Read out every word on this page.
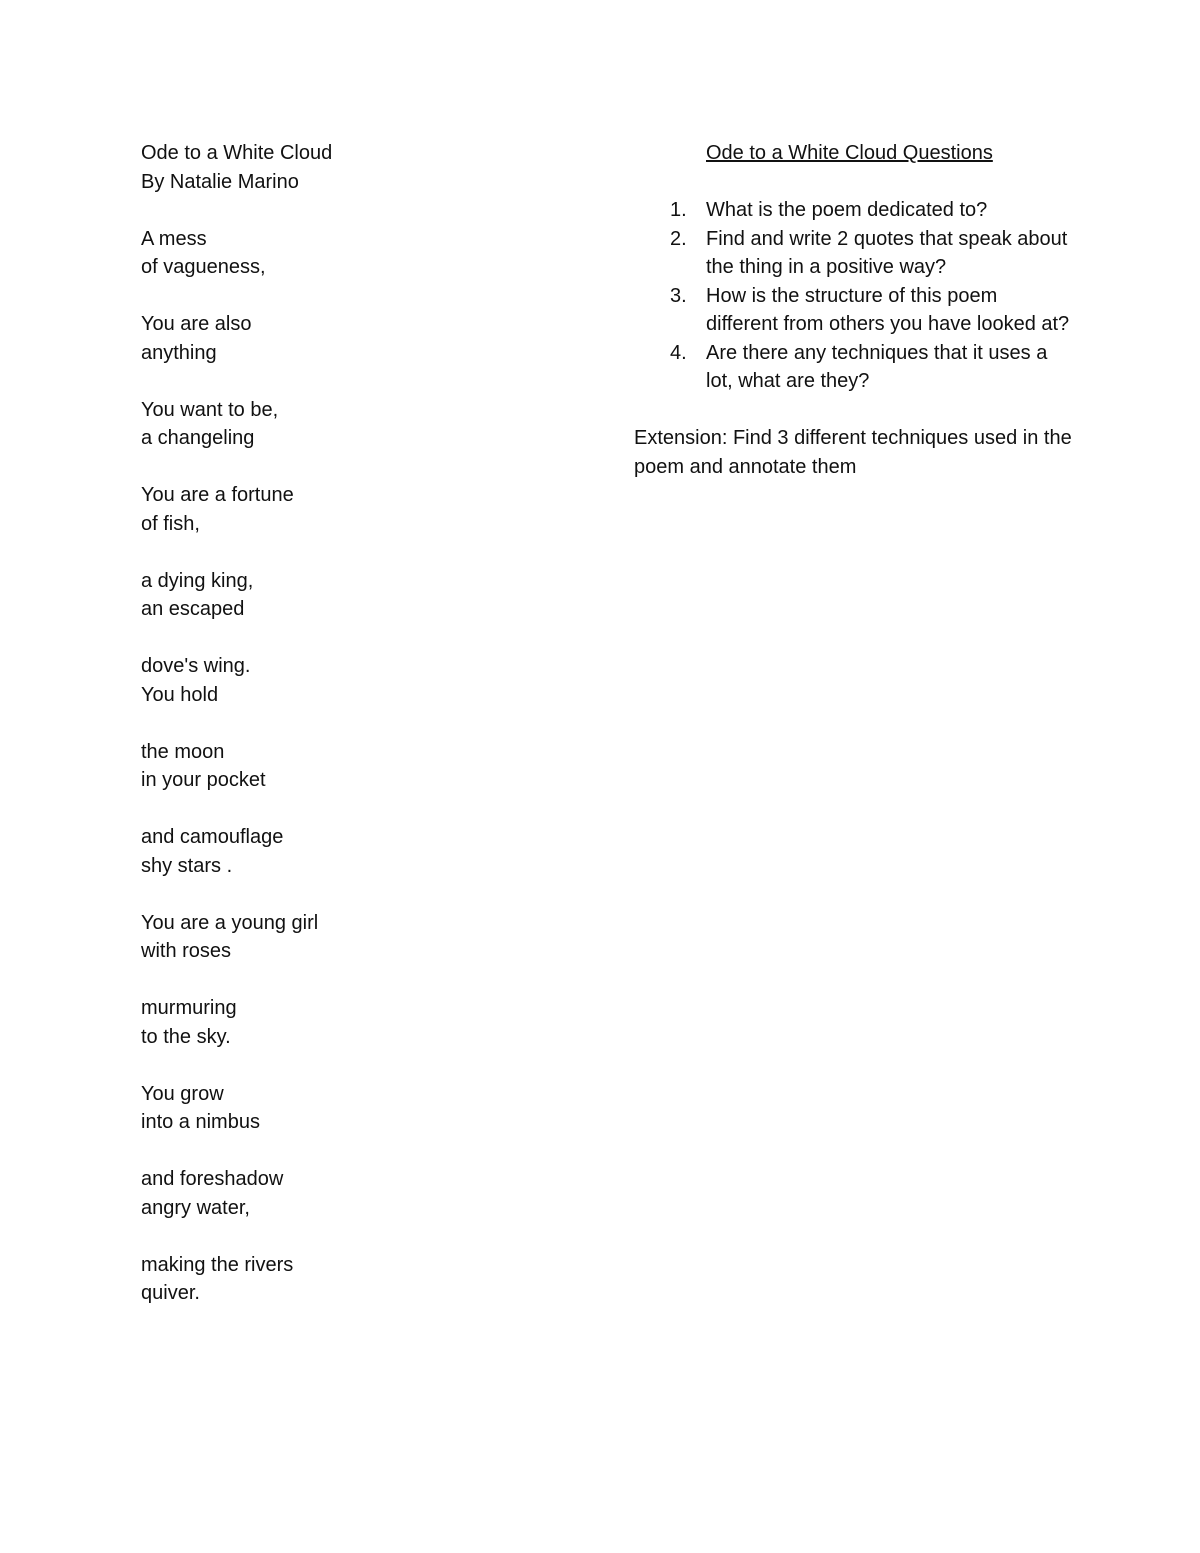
Ode to a White Cloud
By Natalie Marino
A mess
of vagueness,
You are also
anything
You want to be,
a changeling
You are a fortune
of fish,
a dying king,
an escaped
dove's wing.
You hold
the moon
in your pocket
and camouflage
shy stars .
You are a young girl
with roses
murmuring
to the sky.
You grow
into a nimbus
and foreshadow
angry water,
making the rivers
quiver.
Ode to a White Cloud Questions
1. What is the poem dedicated to?
2. Find and write 2 quotes that speak about the thing in a positive way?
3. How is the structure of this poem different from others you have looked at?
4. Are there any techniques that it uses a lot, what are they?
Extension: Find 3 different techniques used in the poem and annotate them
